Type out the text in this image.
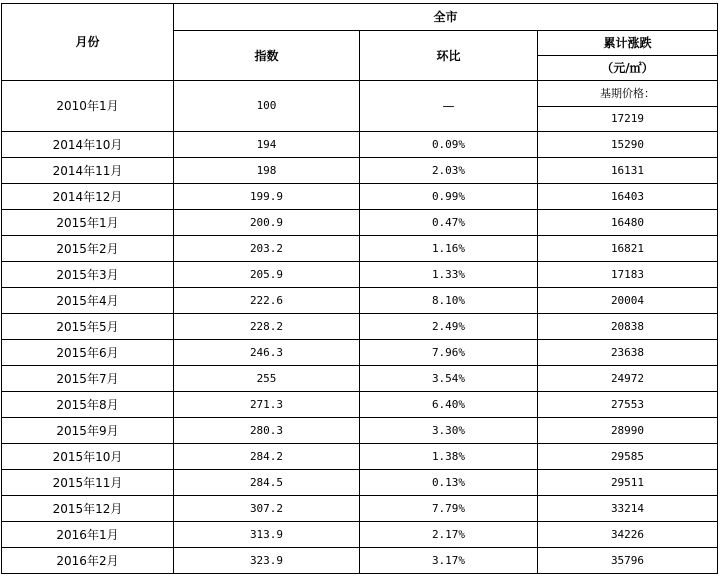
月份	全市		
	指数	环比	累计涨跌
			（元/㎡）
2010年1月	100	—	基期价格：
			17219
2014年10月	194	0.09%	15290
2014年11月	198	2.03%	16131
2014年12月	199.9	0.99%	16403
2015年1月	200.9	0.47%	16480
2015年2月	203.2	1.16%	16821
2015年3月	205.9	1.33%	17183
2015年4月	222.6	8.10%	20004
2015年5月	228.2	2.49%	20838
2015年6月	246.3	7.96%	23638
2015年7月	255	3.54%	24972
2015年8月	271.3	6.40%	27553
2015年9月	280.3	3.30%	28990
2015年10月	284.2	1.38%	29585
2015年11月	284.5	0.13%	29511
2015年12月	307.2	7.79%	33214
2016年1月	313.9	2.17%	34226
2016年2月	323.9	3.17%	35796
